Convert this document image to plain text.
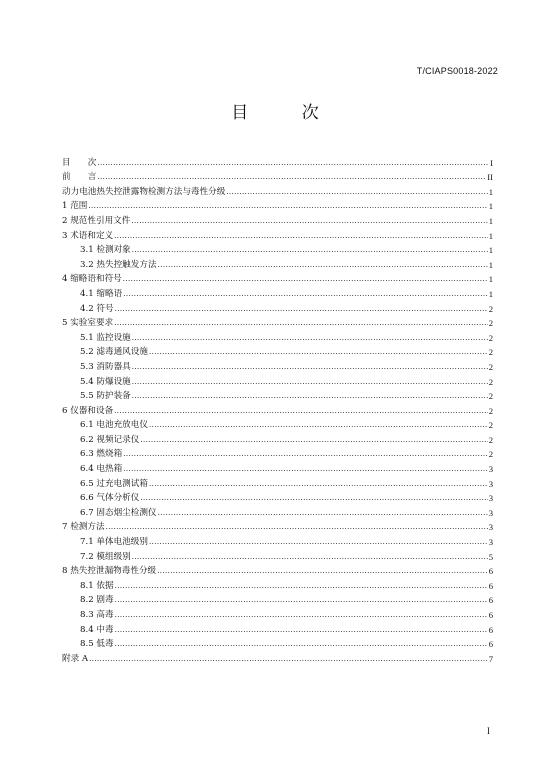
T/CIAPS0018-2022
目 次
目　　次 .....	I
前　　言 .....	II
动力电池热失控泄露物检测方法与毒性分级 .....	1
1 范围 .....	1
2 规范性引用文件 .....	1
3 术语和定义 .....	1
3.1 检测对象 .....	1
3.2 热失控触发方法 .....	1
4 缩略语和符号 .....	1
4.1 缩略语 .....	1
4.2 符号 .....	2
5 实验室要求 .....	2
5.1 监控设施 .....	2
5.2 滤毒通风设施 .....	2
5.3 消防器具 .....	2
5.4 防爆设施 .....	2
5.5 防护装备 .....	2
6 仪器和设备 .....	2
6.1 电池充放电仪 .....	2
6.2 视频记录仪 .....	2
6.3 燃烧箱 .....	2
6.4 电热箱 .....	3
6.5 过充电测试箱 .....	3
6.6 气体分析仪 .....	3
6.7 固态烟尘检测仪 .....	3
7 检测方法 .....	3
7.1 单体电池级别 .....	3
7.2 模组级别 .....	5
8 热失控泄漏物毒性分级 .....	6
8.1 依据 .....	6
8.2 剧毒 .....	6
8.3 高毒 .....	6
8.4 中毒 .....	6
8.5 低毒 .....	6
附录 A .....	7
I
